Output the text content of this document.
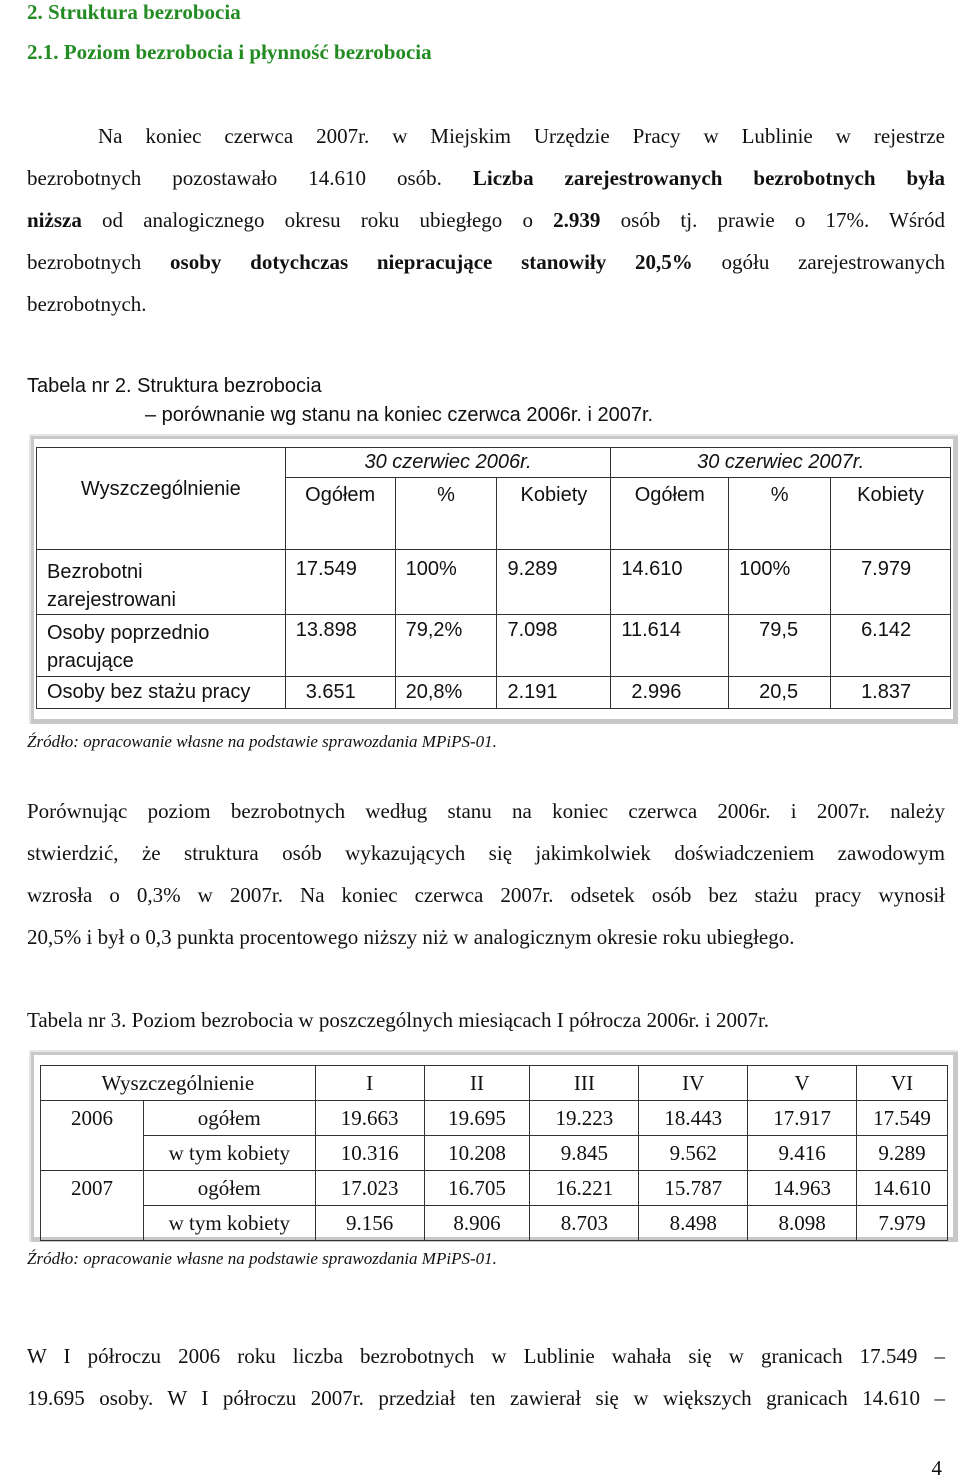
2. Struktura bezrobocia
2.1. Poziom bezrobocia i płynność bezrobocia
Na koniec czerwca 2007r. w Miejskim Urzędzie Pracy w Lublinie w rejestrze
bezrobotnych pozostawało 14.610 osób. Liczba zarejestrowanych bezrobotnych była
niższa od analogicznego okresu roku ubiegłego o 2.939 osób tj. prawie o 17%. Wśród
bezrobotnych osoby dotychczas niepracujące stanowiły 20,5% ogółu zarejestrowanych
bezrobotnych.
Tabela nr 2. Struktura bezrobocia
– porównanie wg stanu na koniec czerwca 2006r. i 2007r.
Wyszczególnienie	30 czerwiec 2006r.			30 czerwiec 2007r.		
	Ogółem	%	Kobiety	Ogółem	%	Kobiety

Bezrobotni
zarejestrowani	17.549	100%	9.289	14.610	100%	7.979

Osoby poprzednio
pracujące	13.898	79,2%	7.098	11.614	79,5	6.142
Osoby bez stażu pracy	3.651	20,8%	2.191	2.996	20,5	1.837
Źródło: opracowanie własne na podstawie sprawozdania MPiPS-01.
Porównując poziom bezrobotnych według stanu na koniec czerwca 2006r. i 2007r. należy
stwierdzić, że struktura osób wykazujących się jakimkolwiek doświadczeniem zawodowym
wzrosła o 0,3% w 2007r. Na koniec czerwca 2007r. odsetek osób bez stażu pracy wynosił
20,5% i był o 0,3 punkta procentowego niższy niż w analogicznym okresie roku ubiegłego.
Tabela nr 3. Poziom bezrobocia w poszczególnych miesiącach I półrocza 2006r. i 2007r.
Wyszczególnienie		I	II	III	IV	V	VI
2006	ogółem	19.663	19.695	19.223	18.443	17.917	17.549
	w tym kobiety	10.316	10.208	9.845	9.562	9.416	9.289
2007	ogółem	17.023	16.705	16.221	15.787	14.963	14.610
	w tym kobiety	9.156	8.906	8.703	8.498	8.098	7.979
Źródło: opracowanie własne na podstawie sprawozdania MPiPS-01.
W I półroczu 2006 roku liczba bezrobotnych w Lublinie wahała się w granicach 17.549 –
19.695 osoby. W I półroczu 2007r. przedział ten zawierał się w większych granicach 14.610 –
4
